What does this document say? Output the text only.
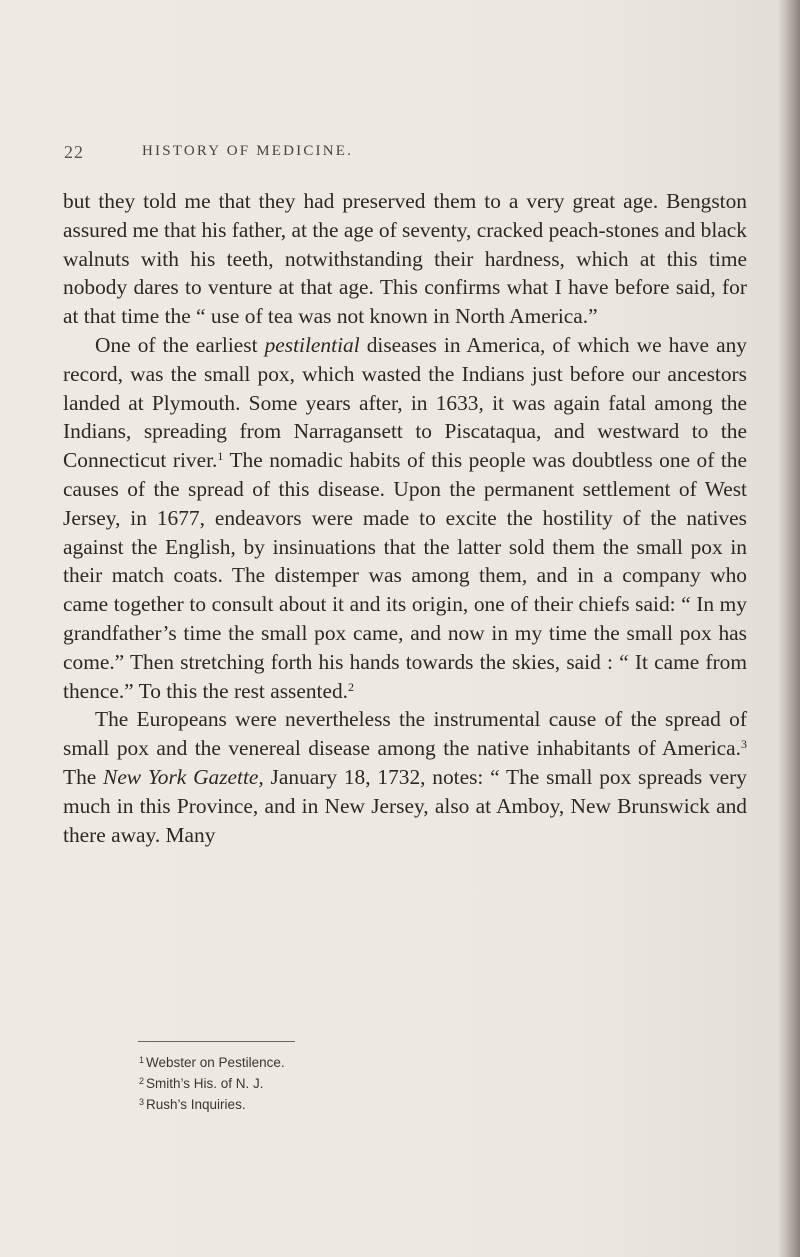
22	HISTORY OF MEDICINE.

but they told me that they had preserved them to a very great age. Bengston assured me that his father, at the age of seventy, cracked peach-stones and black walnuts with his teeth, notwithstanding their hardness, which at this time nobody dares to venture at that age. This confirms what I have before said, for at that time the “ use of tea was not known in North America.”

One of the earliest pestilential diseases in America, of which we have any record, was the small pox, which wasted the Indians just before our ancestors landed at Plymouth. Some years after, in 1633, it was again fatal among the Indians, spreading from Narragansett to Piscataqua, and westward to the Connecticut river.$^1$ The nomadic habits of this people was doubtless one of the causes of the spread of this disease. Upon the permanent settlement of West Jersey, in 1677, endeavors were made to excite the hostility of the natives against the English, by insinuations that the latter sold them the small pox in their match coats. The distemper was among them, and in a company who came together to consult about it and its origin, one of their chiefs said: “ In my grandfather’s time the small pox came, and now in my time the small pox has come.” Then stretching forth his hands towards the skies, said : “ It came from thence.” To this the rest assented.$^2$

The Europeans were nevertheless the instrumental cause of the spread of small pox and the venereal disease among the native inhabitants of America.$^3$ The New York Gazette, January 18, 1732, notes: “ The small pox spreads very much in this Province, and in New Jersey, also at Amboy, New Brunswick and there away. Many

$^1$ Webster on Pestilence.
$^2$ Smith’s His. of N. J.
$^3$ Rush’s Inquiries.
